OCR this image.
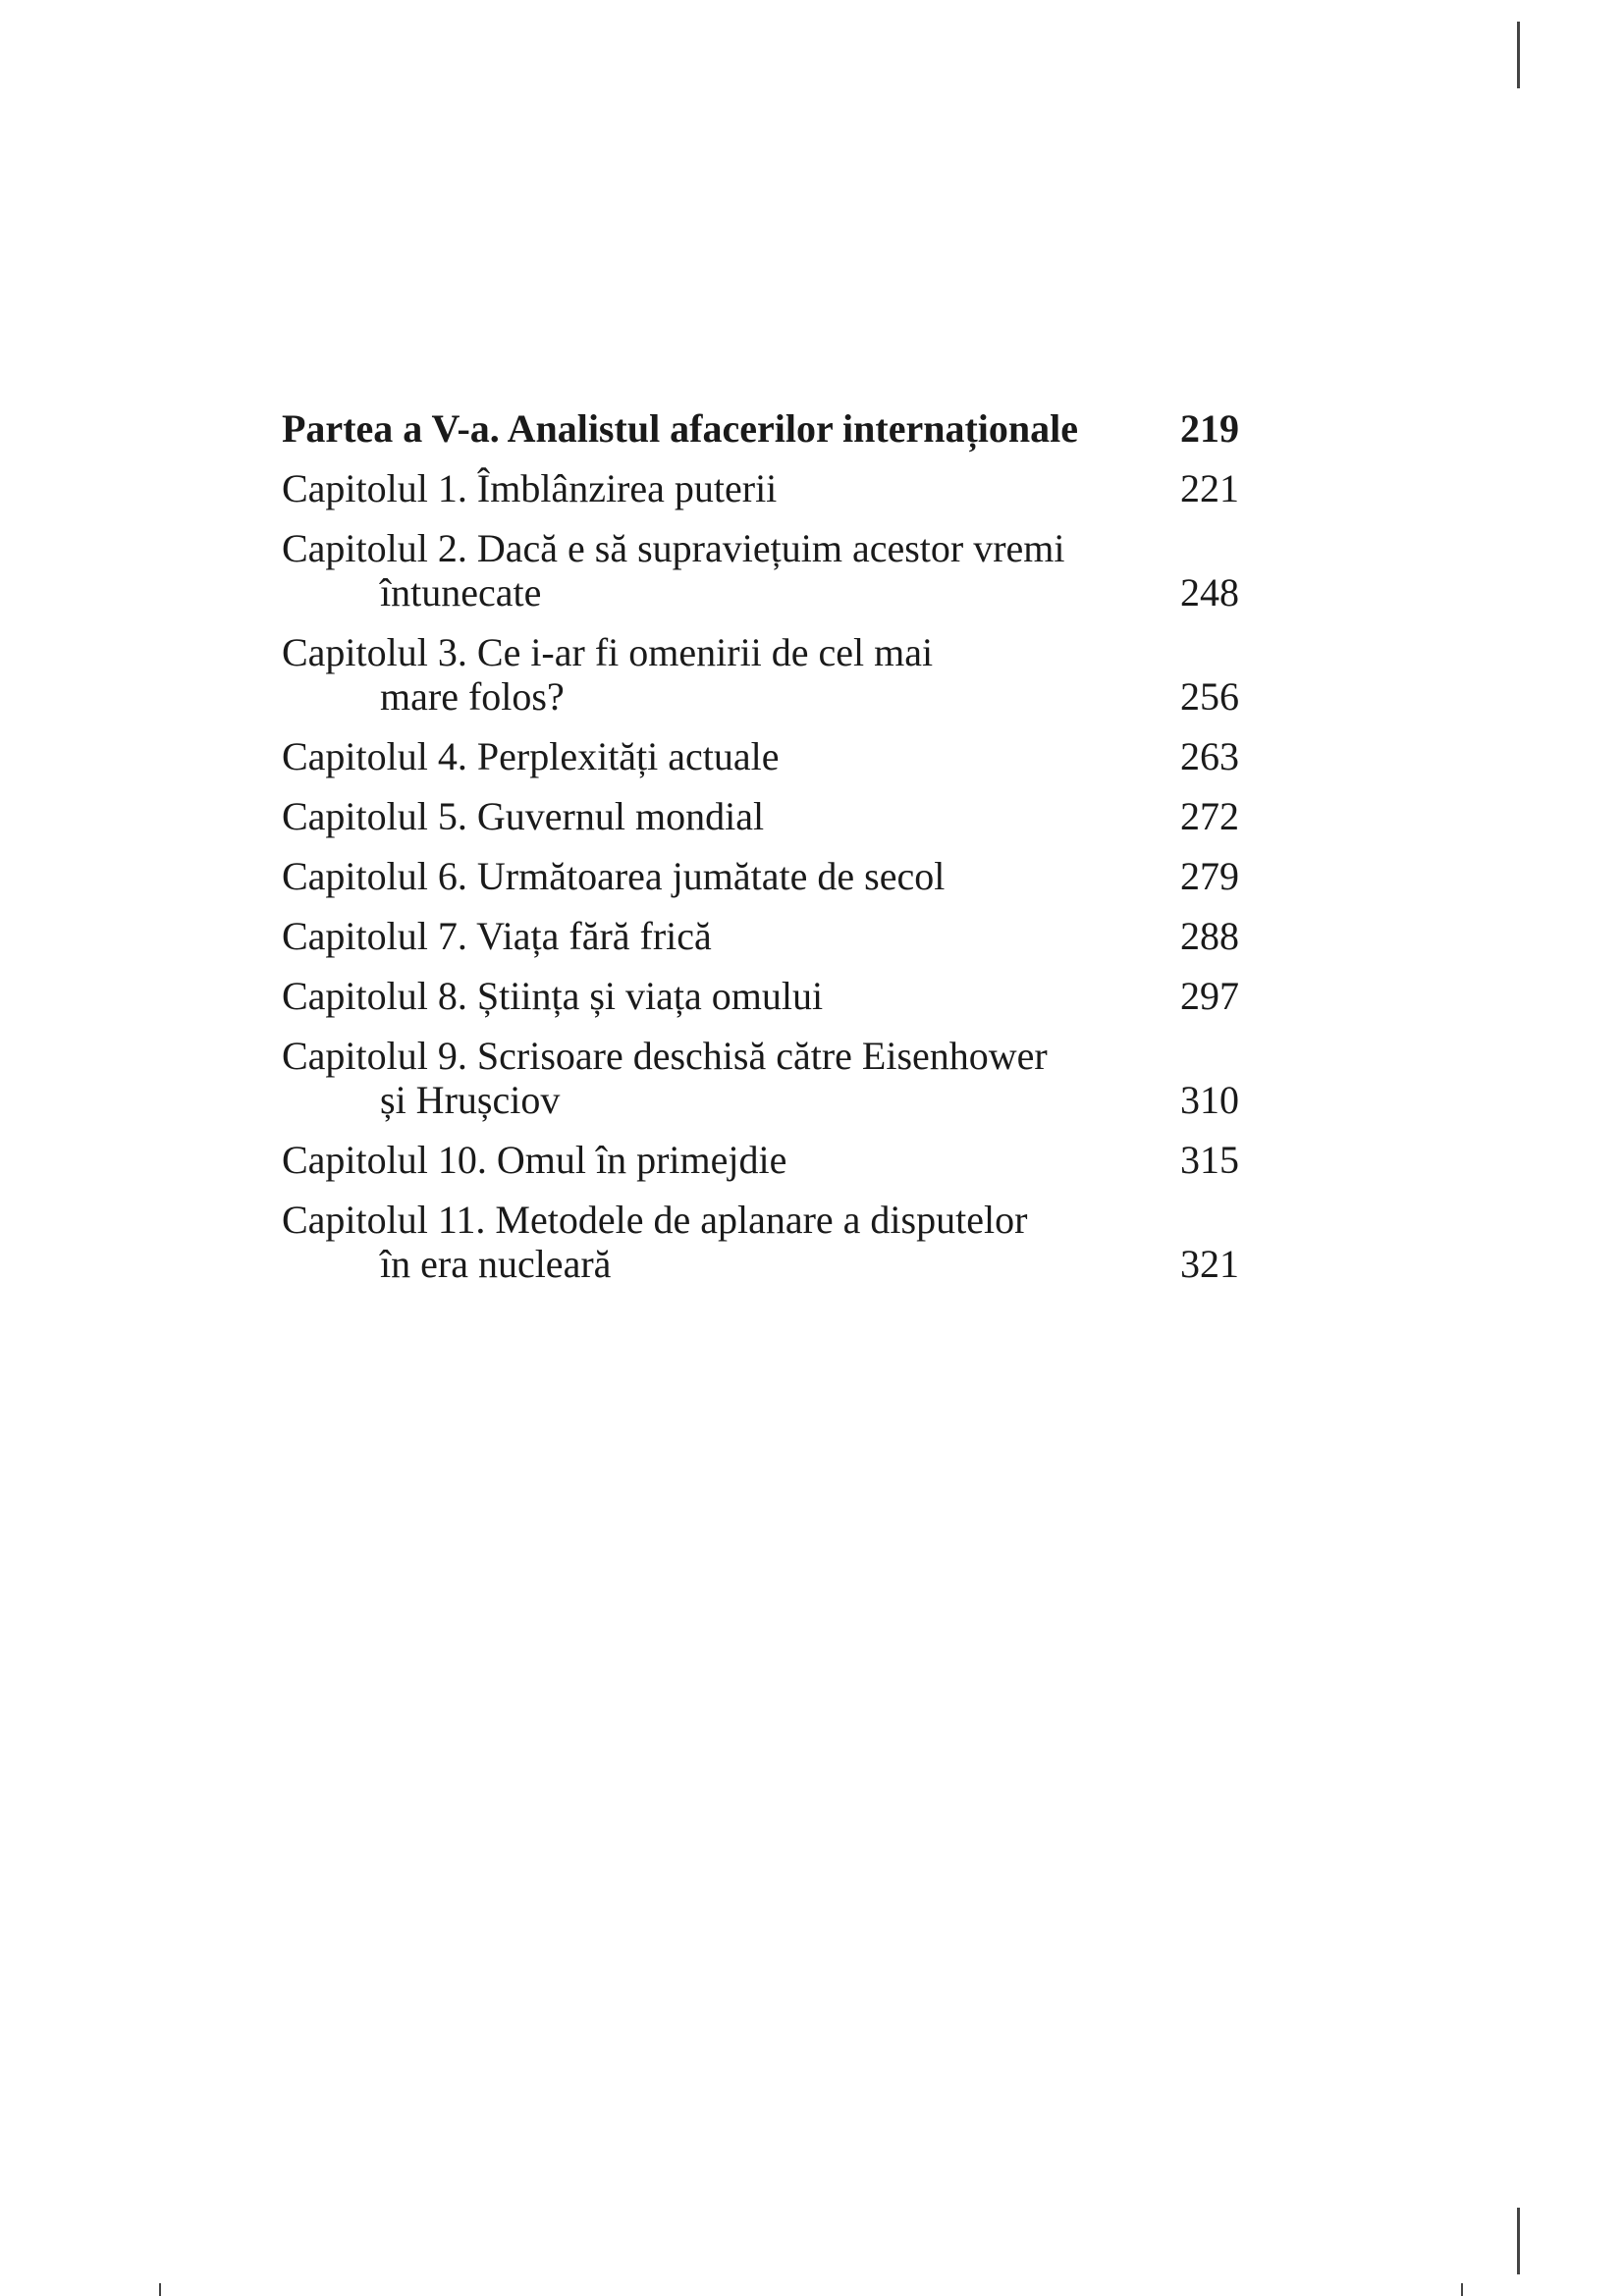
Partea a V-a. Analistul afacerilor internaționale	219
Capitolul 1. Îmblânzirea puterii	221
Capitolul 2. Dacă e să supraviețuim acestor vremi
întunecate	248
Capitolul 3. Ce i-ar fi omenirii de cel mai
mare folos?	256
Capitolul 4. Perplexități actuale	263
Capitolul 5. Guvernul mondial	272
Capitolul 6. Următoarea jumătate de secol	279
Capitolul 7. Viața fără frică	288
Capitolul 8. Știința și viața omului	297
Capitolul 9. Scrisoare deschisă către Eisenhower
și Hrușciov	310
Capitolul 10. Omul în primejdie	315
Capitolul 11. Metodele de aplanare a disputelor
în era nucleară	321
